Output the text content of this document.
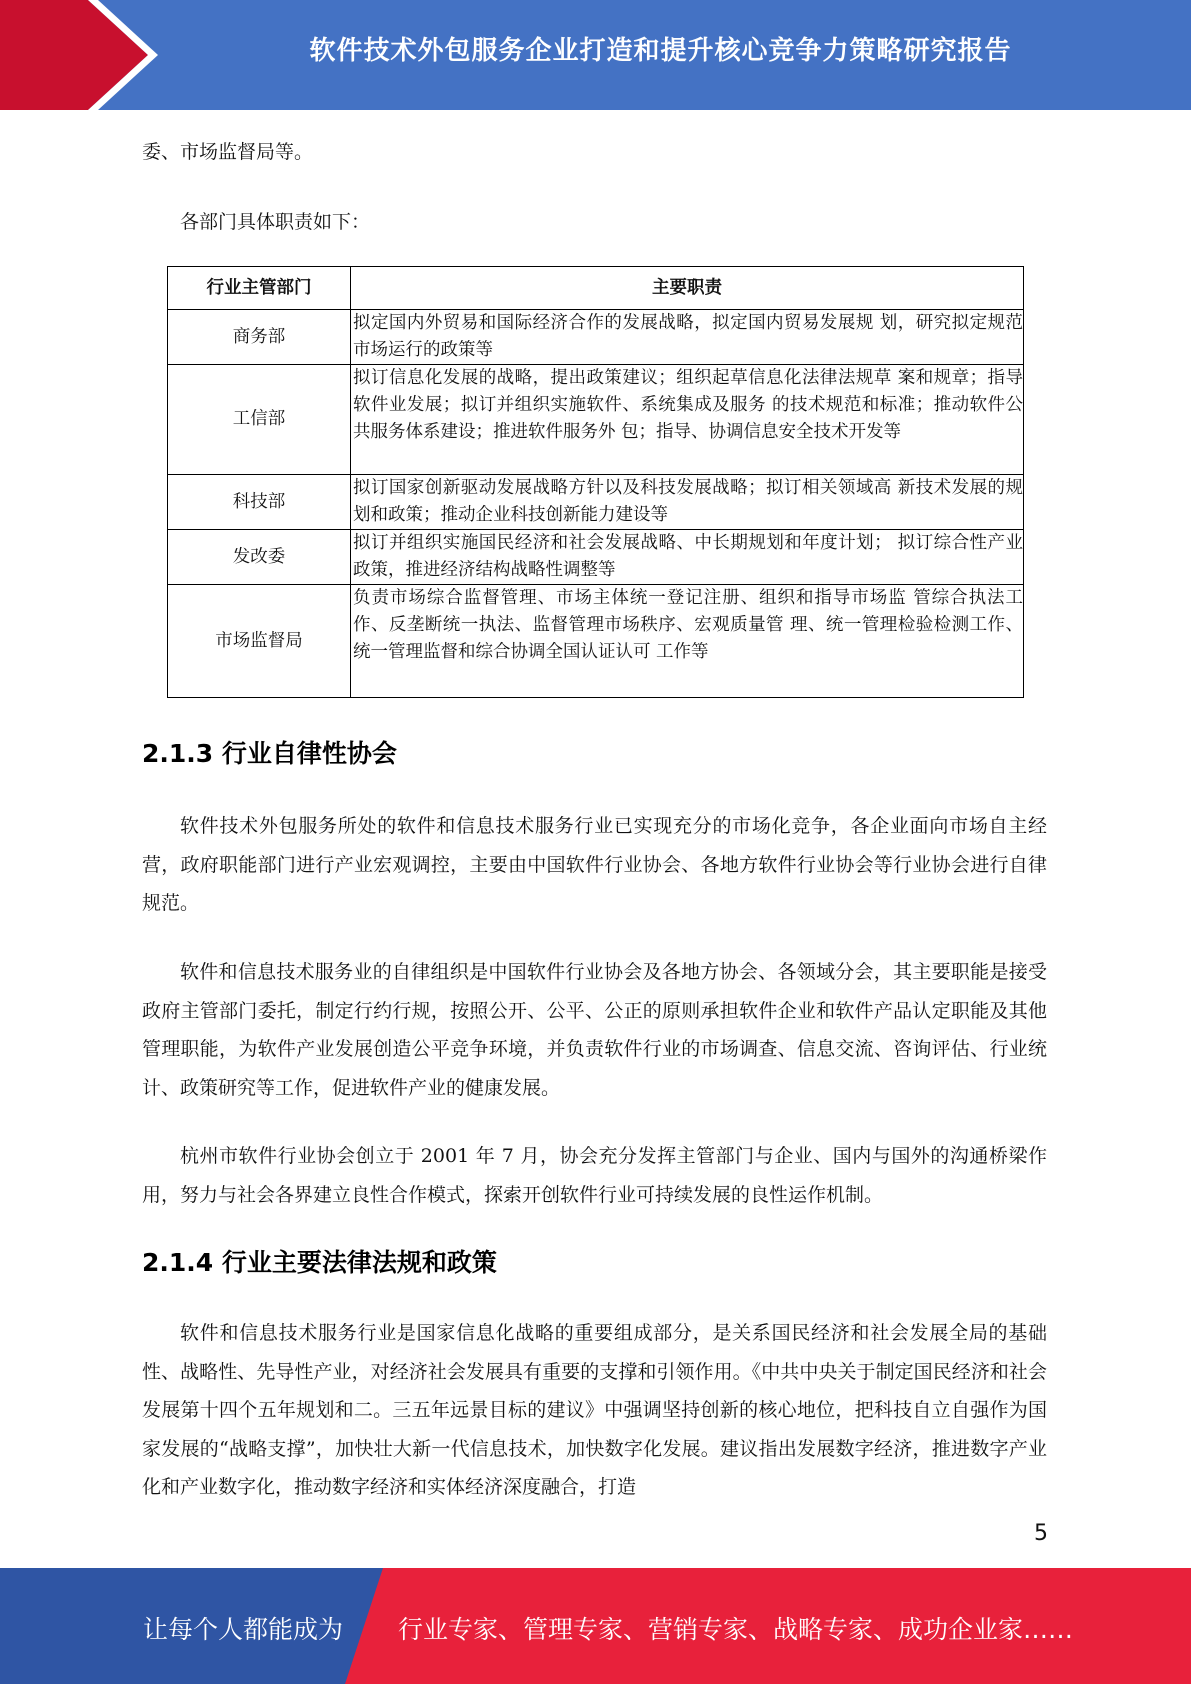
软件技术外包服务企业打造和提升核心竞争力策略研究报告
委、市场监督局等。
各部门具体职责如下：
行业主管部门	主要职责
商务部	拟定国内外贸易和国际经济合作的发展战略，拟定国内贸易发展规 划，研究拟定规范市场运行的政策等
工信部	拟订信息化发展的战略，提出政策建议；组织起草信息化法律法规草 案和规章；指导软件业发展；拟订并组织实施软件、系统集成及服务 的技术规范和标准；推动软件公共服务体系建设；推进软件服务外 包；指导、协调信息安全技术开发等
科技部	拟订国家创新驱动发展战略方针以及科技发展战略；拟订相关领域高 新技术发展的规划和政策；推动企业科技创新能力建设等
发改委	拟订并组织实施国民经济和社会发展战略、中长期规划和年度计划； 拟订综合性产业政策，推进经济结构战略性调整等
市场监督局	负责市场综合监督管理、市场主体统一登记注册、组织和指导市场监 管综合执法工作、反垄断统一执法、监督管理市场秩序、宏观质量管 理、统一管理检验检测工作、统一管理监督和综合协调全国认证认可 工作等
2.1.3 行业自律性协会
软件技术外包服务所处的软件和信息技术服务行业已实现充分的市场化竞争，各企业面向市场自主经营，政府职能部门进行产业宏观调控，主要由中国软件行业协会、各地方软件行业协会等行业协会进行自律规范。
软件和信息技术服务业的自律组织是中国软件行业协会及各地方协会、各领域分会，其主要职能是接受政府主管部门委托，制定行约行规，按照公开、公平、公正的原则承担软件企业和软件产品认定职能及其他管理职能，为软件产业发展创造公平竞争环境，并负责软件行业的市场调查、信息交流、咨询评估、行业统计、政策研究等工作，促进软件产业的健康发展。
杭州市软件行业协会创立于 2001 年 7 月，协会充分发挥主管部门与企业、国内与国外的沟通桥梁作用，努力与社会各界建立良性合作模式，探索开创软件行业可持续发展的良性运作机制。
2.1.4 行业主要法律法规和政策
软件和信息技术服务行业是国家信息化战略的重要组成部分，是关系国民经济和社会发展全局的基础性、战略性、先导性产业，对经济社会发展具有重要的支撑和引领作用。《中共中央关于制定国民经济和社会发展第十四个五年规划和二。三五年远景目标的建议》中强调坚持创新的核心地位，把科技自立自强作为国家发展的“战略支撑”，加快壮大新一代信息技术，加快数字化发展。建议指出发展数字经济，推进数字产业化和产业数字化，推动数字经济和实体经济深度融合，打造
5
让每个人都能成为 行业专家、管理专家、营销专家、战略专家、成功企业家……
